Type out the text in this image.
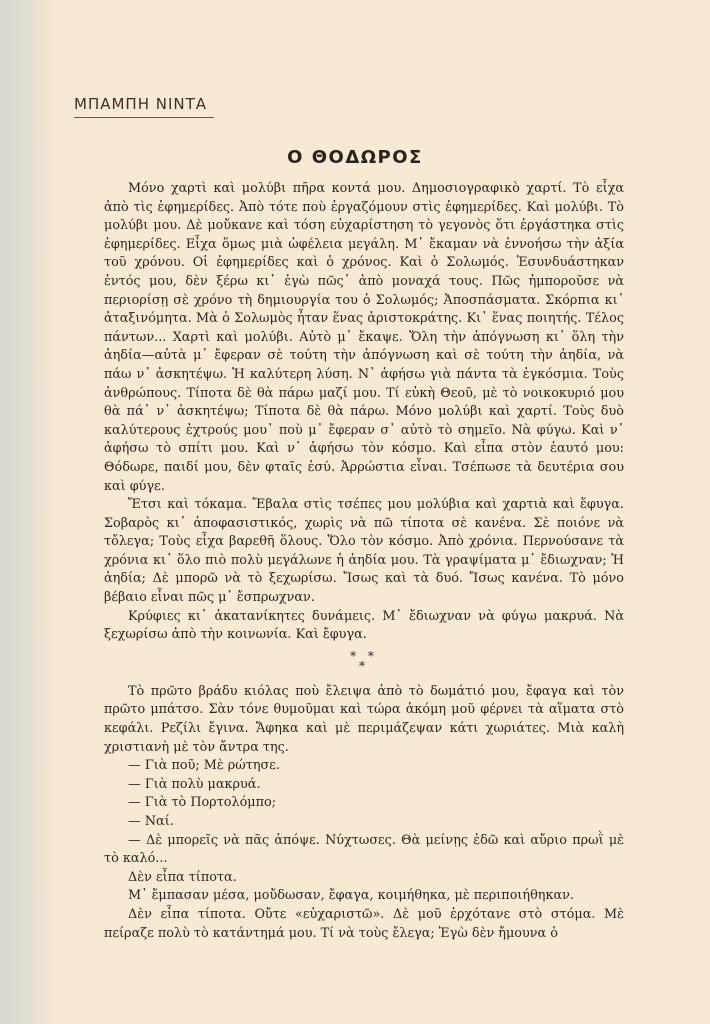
ΜΠΑΜΠΗ ΝΙΝΤΑ
Ο ΘΟΔΩΡΟΣ

Μόνο χαρτὶ καὶ μολύβι πῆρα κοντά μου. Δημοσιογραφικὸ χαρτί. Τὸ εἶχα ἀπὸ τὶς ἐφημερίδες. Ἀπὸ τότε ποὺ ἐργαζόμουν στὶς ἐφημερίδες. Καὶ μολύβι. Τὸ μολύβι μου. Δὲ μοὔκανε καὶ τόση εὐχαρίστηση τὸ γεγονὸς ὅτι ἐργάστηκα στὶς ἐφημερίδες. Εἶχα ὅμως μιὰ ὠφέλεια μεγάλη. Μ᾽ ἔκαμαν νὰ ἐννοήσω τὴν ἀξία τοῦ χρόνου. Οἱ ἐφημερίδες καὶ ὁ χρόνος. Καὶ ὁ Σολωμός. Ἐσυνδυάστηκαν ἐντός μου, δὲν ξέρω κι᾽ ἐγὼ πῶς᾽ ἀπὸ μοναχά τους. Πῶς ἠμποροῦσε νὰ περιορίσῃ σὲ χρόνο τὴ δημιουργία του ὁ Σολωμός; Ἀποσπάσματα. Σκόρπια κι᾽ ἀταξινόμητα. Μὰ ὁ Σολωμὸς ἦταν ἕνας ἀριστοκράτης. Κι᾽ ἕνας ποιητής. Τέλος πάντων... Χαρτὶ καὶ μολύβι. Αὐτὸ μ᾽ ἔκαψε. Ὅλη τὴν ἀπόγνωση κι᾽ ὅλη τὴν ἀηδία—αὐτὰ μ᾽ ἔφεραν σὲ τούτη τὴν ἀπόγνωση καὶ σὲ τούτη τὴν ἀηδία, νὰ πάω ν᾽ ἀσκητέψω. Ἡ καλύτερη λύση. Ν᾽ ἀφήσω γιὰ πάντα τὰ ἐγκόσμια. Τοὺς ἀνθρώπους. Τίποτα δὲ θὰ πάρω μαζί μου. Τί εὐκὴ Θεοῦ, μὲ τὸ νοικοκυριό μου θὰ πά᾽ ν᾽ ἀσκητέψω; Τίποτα δὲ θὰ πάρω. Μόνο μολύβι καὶ χαρτί. Τοὺς δυὸ καλύτερους ἐχτρούς μου᾽ ποὺ μ᾽ ἔφεραν σ᾽ αὐτὸ τὸ σημεῖο. Νὰ φύγω. Καὶ ν᾽ ἀφήσω τὸ σπίτι μου. Καὶ ν᾽ ἀφήσω τὸν κόσμο. Καὶ εἶπα στὸν ἑαυτό μου: Θόδωρε, παιδί μου, δὲν φταῖς ἐσύ. Ἀρρώστια εἶναι. Τσέπωσε τὰ δευτέρια σου καὶ φύγε.

Ἔτσι καὶ τόκαμα. Ἔβαλα στὶς τσέπες μου μολύβια καὶ χαρτιὰ καὶ ἔφυγα. Σοβαρὸς κι᾽ ἀποφασιστικός, χωρὶς νὰ πῶ τίποτα σὲ κανένα. Σὲ ποιόνε νὰ τὄλεγα; Τοὺς εἶχα βαρεθῆ ὅλους. Ὅλο τὸν κόσμο. Ἀπὸ χρόνια. Περνούσανε τὰ χρόνια κι᾽ ὅλο πιὸ πολὺ μεγάλωνε ἡ ἀηδία μου. Τὰ γραψίματα μ᾽ ἔδιωχναν; Ἡ ἀηδία; Δὲ μπορῶ νὰ τὸ ξεχωρίσω. Ἴσως καὶ τὰ δυό. Ἴσως κανένα. Τὸ μόνο βέβαιο εἶναι πῶς μ᾽ ἔσπρωχναν.

Κρύφιες κι᾽ ἀκατανίκητες δυνάμεις. Μ᾽ ἔδιωχναν νὰ φύγω μακρυά. Νὰ ξεχωρίσω ἀπὸ τὴν κοινωνία. Καὶ ἔφυγα.

* *
*

Τὸ πρῶτο βράδυ κιόλας ποὺ ἔλειψα ἀπὸ τὸ δωμάτιό μου, ἔφαγα καὶ τὸν πρῶτο μπάτσο. Σὰν τόνε θυμοῦμαι καὶ τώρα ἀκόμη μοῦ φέρνει τὰ αἵματα στὸ κεφάλι. Ρεζίλι ἔγινα. Ἄφηκα καὶ μὲ περιμάζεψαν κάτι χωριάτες. Μιὰ καλὴ χριστιανὴ μὲ τὸν ἄντρα της.

— Γιὰ ποῦ; Μὲ ρώτησε.

— Γιὰ πολὺ μακρυά.

— Γιὰ τὸ Πορτολόμπο;

— Ναί.

— Δὲ μπορεῖς νὰ πᾶς ἀπόψε. Νύχτωσες. Θὰ μείνῃς ἐδῶ καὶ αὔριο πρωῒ μὲ τὸ καλό...

Δὲν εἶπα τίποτα.

Μ᾽ ἔμπασαν μέσα, μοὔδωσαν, ἔφαγα, κοιμήθηκα, μὲ περιποιήθηκαν.

Δὲν εἶπα τίποτα. Οὔτε «εὐχαριστῶ». Δὲ μοῦ ἐρχότανε στὸ στόμα. Μὲ πείραζε πολὺ τὸ κατάντημά μου. Τί νὰ τοὺς ἔλεγα; Ἐγὼ δὲν ἤμουνα ὁ
